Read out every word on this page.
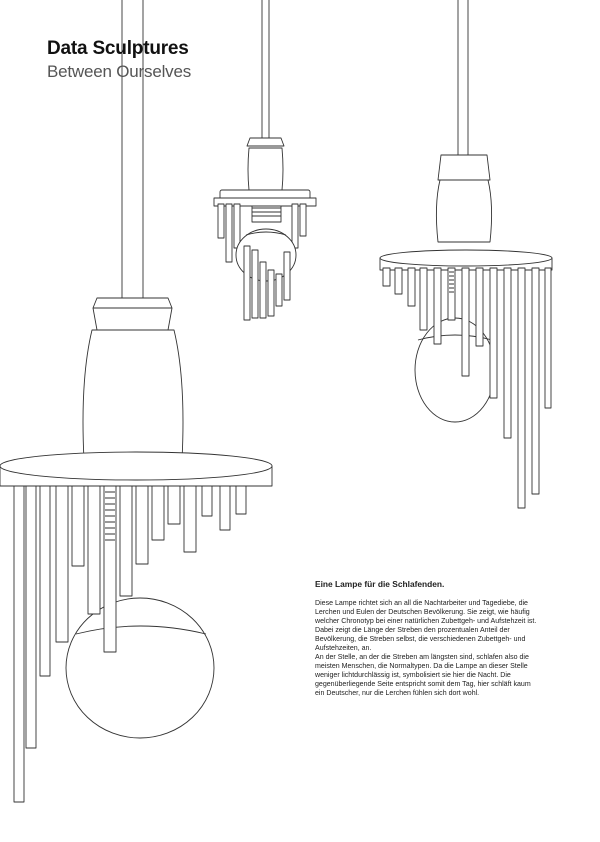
Data Sculptures
Between Ourselves
Eine Lampe für die Schlafenden.

Diese Lampe richtet sich an all die Nachtarbeiter und Tagediebe, die Lerchen und Eulen der Deutschen Bevölkerung. Sie zeigt, wie häufig welcher Chronotyp bei einer natürlichen Zubettgeh- und Aufstehzeit ist.

Dabei zeigt die Länge der Streben den prozentualen Anteil der Bevölkerung, die Streben selbst, die verschiedenen Zubettgeh- und Aufstehzeiten, an.

An der Stelle, an der die Streben am längsten sind, schlafen also die meisten Menschen, die Normaltypen. Da die Lampe an dieser Stelle weniger lichtdurchlässig ist, symbolisiert sie hier die Nacht. Die gegenüberliegende Seite entspricht somit dem Tag, hier schläft kaum ein Deutscher, nur die Lerchen fühlen sich dort wohl.
